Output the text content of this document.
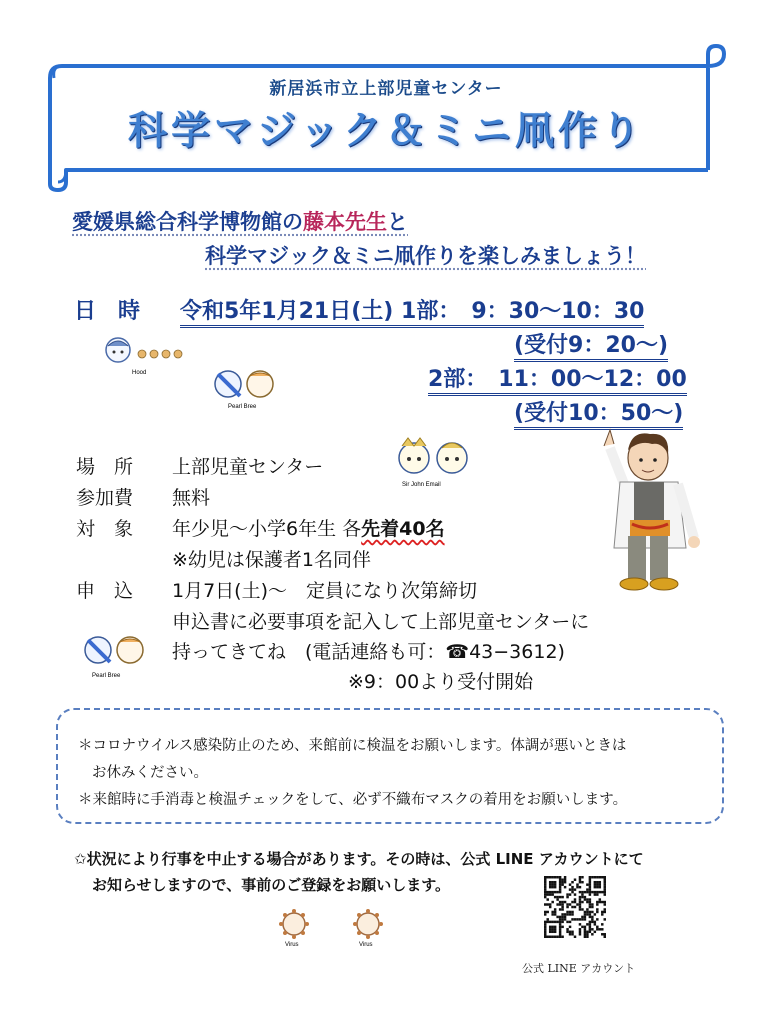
新居浜市立上部児童センター
科学マジック＆ミニ凧作り
愛媛県総合科学博物館の藤本先生と
科学マジック＆ミニ凧作りを楽しみましょう！
日　時 令和5年1月21日(土) 1部：　9：30〜10：30
(受付9：20〜)
2部：　11：00〜12：00
(受付10：50〜)
Hood
Pearl Bree
場　所 上部児童センター
参加費 無料
対　象 年少児〜小学6年生 各先着40名
※幼児は保護者1名同伴
申　込 1月7日(土)〜　定員になり次第締切
申込書に必要事項を記入して上部児童センターに
持ってきてね　(電話連絡も可：☎43−3612)
※9：00より受付開始
Sir John Email
Pearl Bree
＊コロナウイルス感染防止のため、来館前に検温をお願いします。体調が悪いときは
お休みください。
＊来館時に手消毒と検温チェックをして、必ず不織布マスクの着用をお願いします。
✩状況により行事を中止する場合があります。その時は、公式 LINE アカウントにて
お知らせしますので、事前のご登録をお願いします。
公式 LINE アカウント
Virus	Virus
